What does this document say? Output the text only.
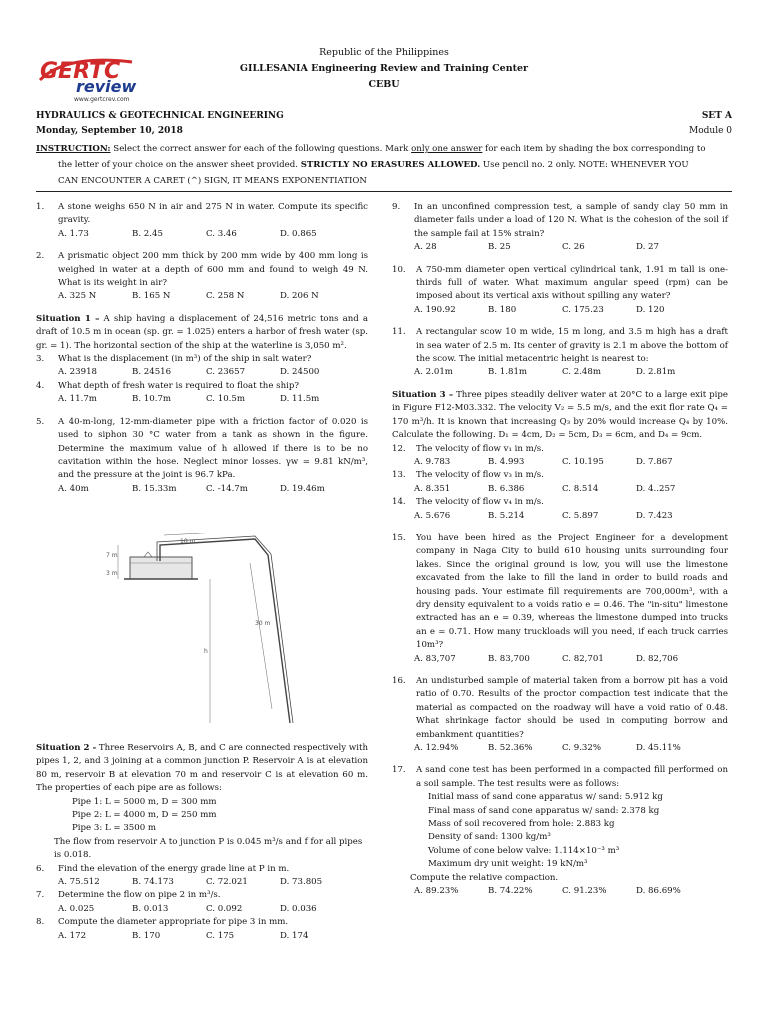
GERTC
review
www.gertcrev.com
Republic of the Philippines
GILLESANIA Engineering Review and Training Center
CEBU
HYDRAULICS & GEOTECHNICAL ENGINEERING	SET A
Monday, September 10, 2018	Module 0
INSTRUCTION: Select the correct answer for each of the following questions. Mark only one answer for each item by shading the box corresponding to
the letter of your choice on the answer sheet provided. STRICTLY NO ERASURES ALLOWED. Use pencil no. 2 only. NOTE: WHENEVER YOU
CAN ENCOUNTER A CARET (^) SIGN, IT MEANS EXPONENTIATION
1.	A stone weighs 650 N in air and 275 N in water. Compute its specific gravity.
A. 1.73	B. 2.45	C. 3.46	D. 0.865
2.	A prismatic object 200 mm thick by 200 mm wide by 400 mm long is weighed in water at a depth of 600 mm and found to weigh 49 N. What is its weight in air?
A. 325 N	B. 165 N	C. 258 N	D. 206 N
Situation 1 – A ship having a displacement of 24,516 metric tons and a draft of 10.5 m in ocean (sp. gr. = 1.025) enters a harbor of fresh water (sp. gr. = 1). The horizontal section of the ship at the waterline is 3,050 m².
3.	What is the displacement (in m³) of the ship in salt water?
A. 23918	B. 24516	C. 23657	D. 24500
4.	What depth of fresh water is required to float the ship?
A. 11.7m	B. 10.7m	C. 10.5m	D. 11.5m
5.	A 40-m-long, 12-mm-diameter pipe with a friction factor of 0.020 is used to siphon 30 °C water from a tank as shown in the figure. Determine the maximum value of h allowed if there is to be no cavitation within the hose. Neglect minor losses. γw = 9.81 kN/m³, and the pressure at the joint is 96.7 kPa.
A. 40m	B. 15.33m	C. -14.7m	D. 19.46m
7 m
3 m
10 m
30 m
h
Situation 2 - Three Reservoirs A, B, and C are connected respectively with pipes 1, 2, and 3 joining at a common junction P. Reservoir A is at elevation 80 m, reservoir B at elevation 70 m and reservoir C is at elevation 60 m. The properties of each pipe are as follows:
Pipe 1: L = 5000 m, D = 300 mm
Pipe 2: L = 4000 m, D = 250 mm
Pipe 3: L = 3500 m
The flow from reservoir A to junction P is 0.045 m³/s and f for all pipes is 0.018.
6.	Find the elevation of the energy grade line at P in m.
A. 75.512	B. 74.173	C. 72.021	D. 73.805
7.	Determine the flow on pipe 2 in m³/s.
A. 0.025	B. 0.013	C. 0.092	D. 0.036
8.	Compute the diameter appropriate for pipe 3 in mm.
A. 172	B. 170	C. 175	D. 174
9.	In an unconfined compression test, a sample of sandy clay 50 mm in diameter fails under a load of 120 N. What is the cohesion of the soil if the sample fail at 15% strain?
A. 28	B. 25	C. 26	D. 27
10.	A 750-mm diameter open vertical cylindrical tank, 1.91 m tall is one-thirds full of water. What maximum angular speed (rpm) can be imposed about its vertical axis without spilling any water?
A. 190.92	B. 180	C. 175.23	D. 120
11.	A rectangular scow 10 m wide, 15 m long, and 3.5 m high has a draft in sea water of 2.5 m. Its center of gravity is 2.1 m above the bottom of the scow. The initial metacentric height is nearest to:
A. 2.01m	B. 1.81m	C. 2.48m	D. 2.81m
Situation 3 – Three pipes steadily deliver water at 20°C to a large exit pipe in Figure F12-M03.332. The velocity V₂ = 5.5 m/s, and the exit flor rate Q₄ = 170 m³/h. It is known that increasing Q₃ by 20% would increase Q₄ by 10%. Calculate the following. D₁ = 4cm, D₂ = 5cm, D₃ = 6cm, and D₄ = 9cm.
12.	The velocity of flow v₁ in m/s.
A. 9.783	B. 4.993	C. 10.195	D. 7.867
13.	The velocity of flow v₃ in m/s.
A. 8.351	B. 6.386	C. 8.514	D. 4..257
14.	The velocity of flow v₄ in m/s.
A. 5.676	B. 5.214	C. 5.897	D. 7.423
15.	You have been hired as the Project Engineer for a development company in Naga City to build 610 housing units surrounding four lakes. Since the original ground is low, you will use the limestone excavated from the lake to fill the land in order to build roads and housing pads. Your estimate fill requirements are 700,000m³, with a dry density equivalent to a voids ratio e = 0.46. The "in-situ" limestone extracted has an e = 0.39, whereas the limestone dumped into trucks an e = 0.71. How many truckloads will you need, if each truck carries 10m³?
A. 83,707	B. 83,700	C. 82,701	D. 82,706
16.	An undisturbed sample of material taken from a borrow pit has a void ratio of 0.70. Results of the proctor compaction test indicate that the material as compacted on the roadway will have a void ratio of 0.48. What shrinkage factor should be used in computing borrow and embankment quantities?
A. 12.94%	B. 52.36%	C. 9.32%	D. 45.11%
17.	A sand cone test has been performed in a compacted fill performed on a soil sample. The test results were as follows:
Initial mass of sand cone apparatus w/ sand: 5.912 kg
Final mass of sand cone apparatus w/ sand: 2.378 kg
Mass of soil recovered from hole: 2.883 kg
Density of sand: 1300 kg/m³
Volume of cone below valve: 1.114×10⁻³ m³
Maximum dry unit weight: 19 kN/m³
Compute the relative compaction.
A. 89.23%	B. 74.22%	C. 91.23%	D. 86.69%
